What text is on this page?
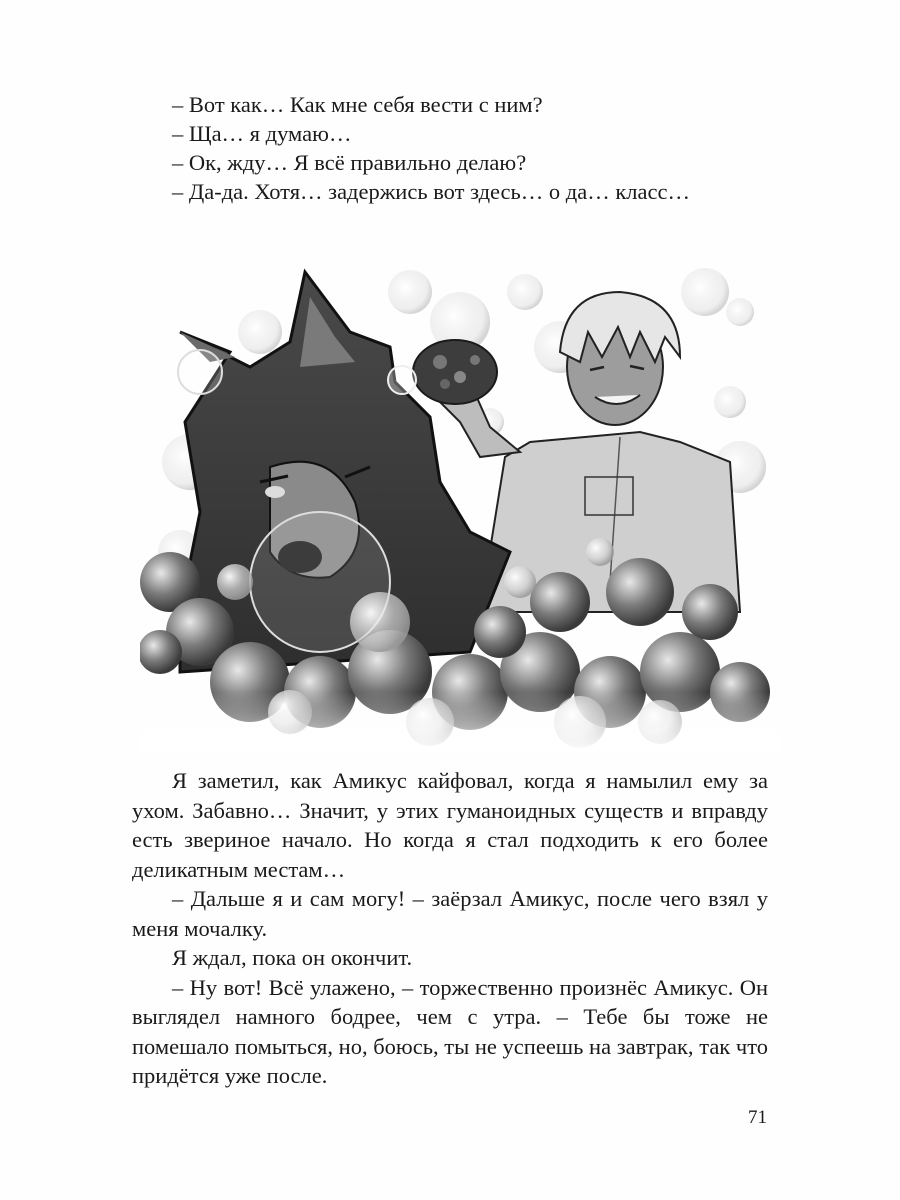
– Вот как… Как мне себя вести с ним?
– Ща… я думаю…
– Ок, жду… Я всё правильно делаю?
– Да-да. Хотя… задержись вот здесь… о да… класс…

Я заметил, как Амикус кайфовал, когда я намылил ему за ухом. Забавно… Значит, у этих гуманоидных существ и вправду есть звериное начало. Но когда я стал подходить к его более деликатным местам…

– Дальше я и сам могу! – заёрзал Амикус, после чего взял у меня мочалку.

Я ждал, пока он окончит.

– Ну вот! Всё улажено, – торжественно произнёс Амикус. Он выглядел намного бодрее, чем с утра. – Тебе бы тоже не помешало помыться, но, боюсь, ты не успеешь на завтрак, так что придётся уже после.

71
